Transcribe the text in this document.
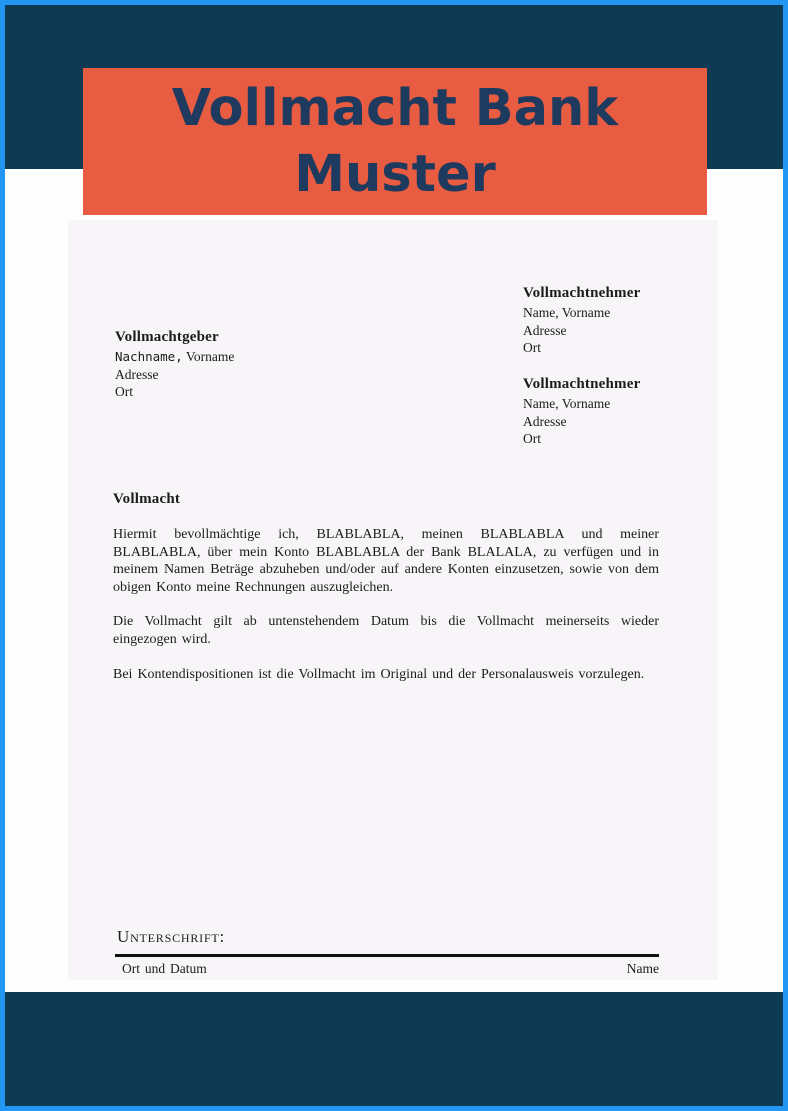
Vollmacht Bank
Muster
Vollmachtnehmer
Name, Vorname
Adresse
Ort
Vollmachtgeber
Nachname, Vorname
Adresse
Ort	Vollmachtnehmer
Name, Vorname
Adresse
Ort
Vollmacht

Hiermit bevollmächtige ich, BLABLABLA, meinen BLABLABLA und meiner BLABLABLA, über mein Konto BLABLABLA der Bank BLALALA, zu verfügen und in meinem Namen Beträge abzuheben und/oder auf andere Konten einzusetzen, sowie von dem obigen Konto meine Rechnungen auszugleichen.

Die Vollmacht gilt ab untenstehendem Datum bis die Vollmacht meinerseits wieder eingezogen wird.

Bei Kontendispositionen ist die Vollmacht im Original und der Personalausweis vorzulegen.

Unterschrift:
Ort und Datum	Name
